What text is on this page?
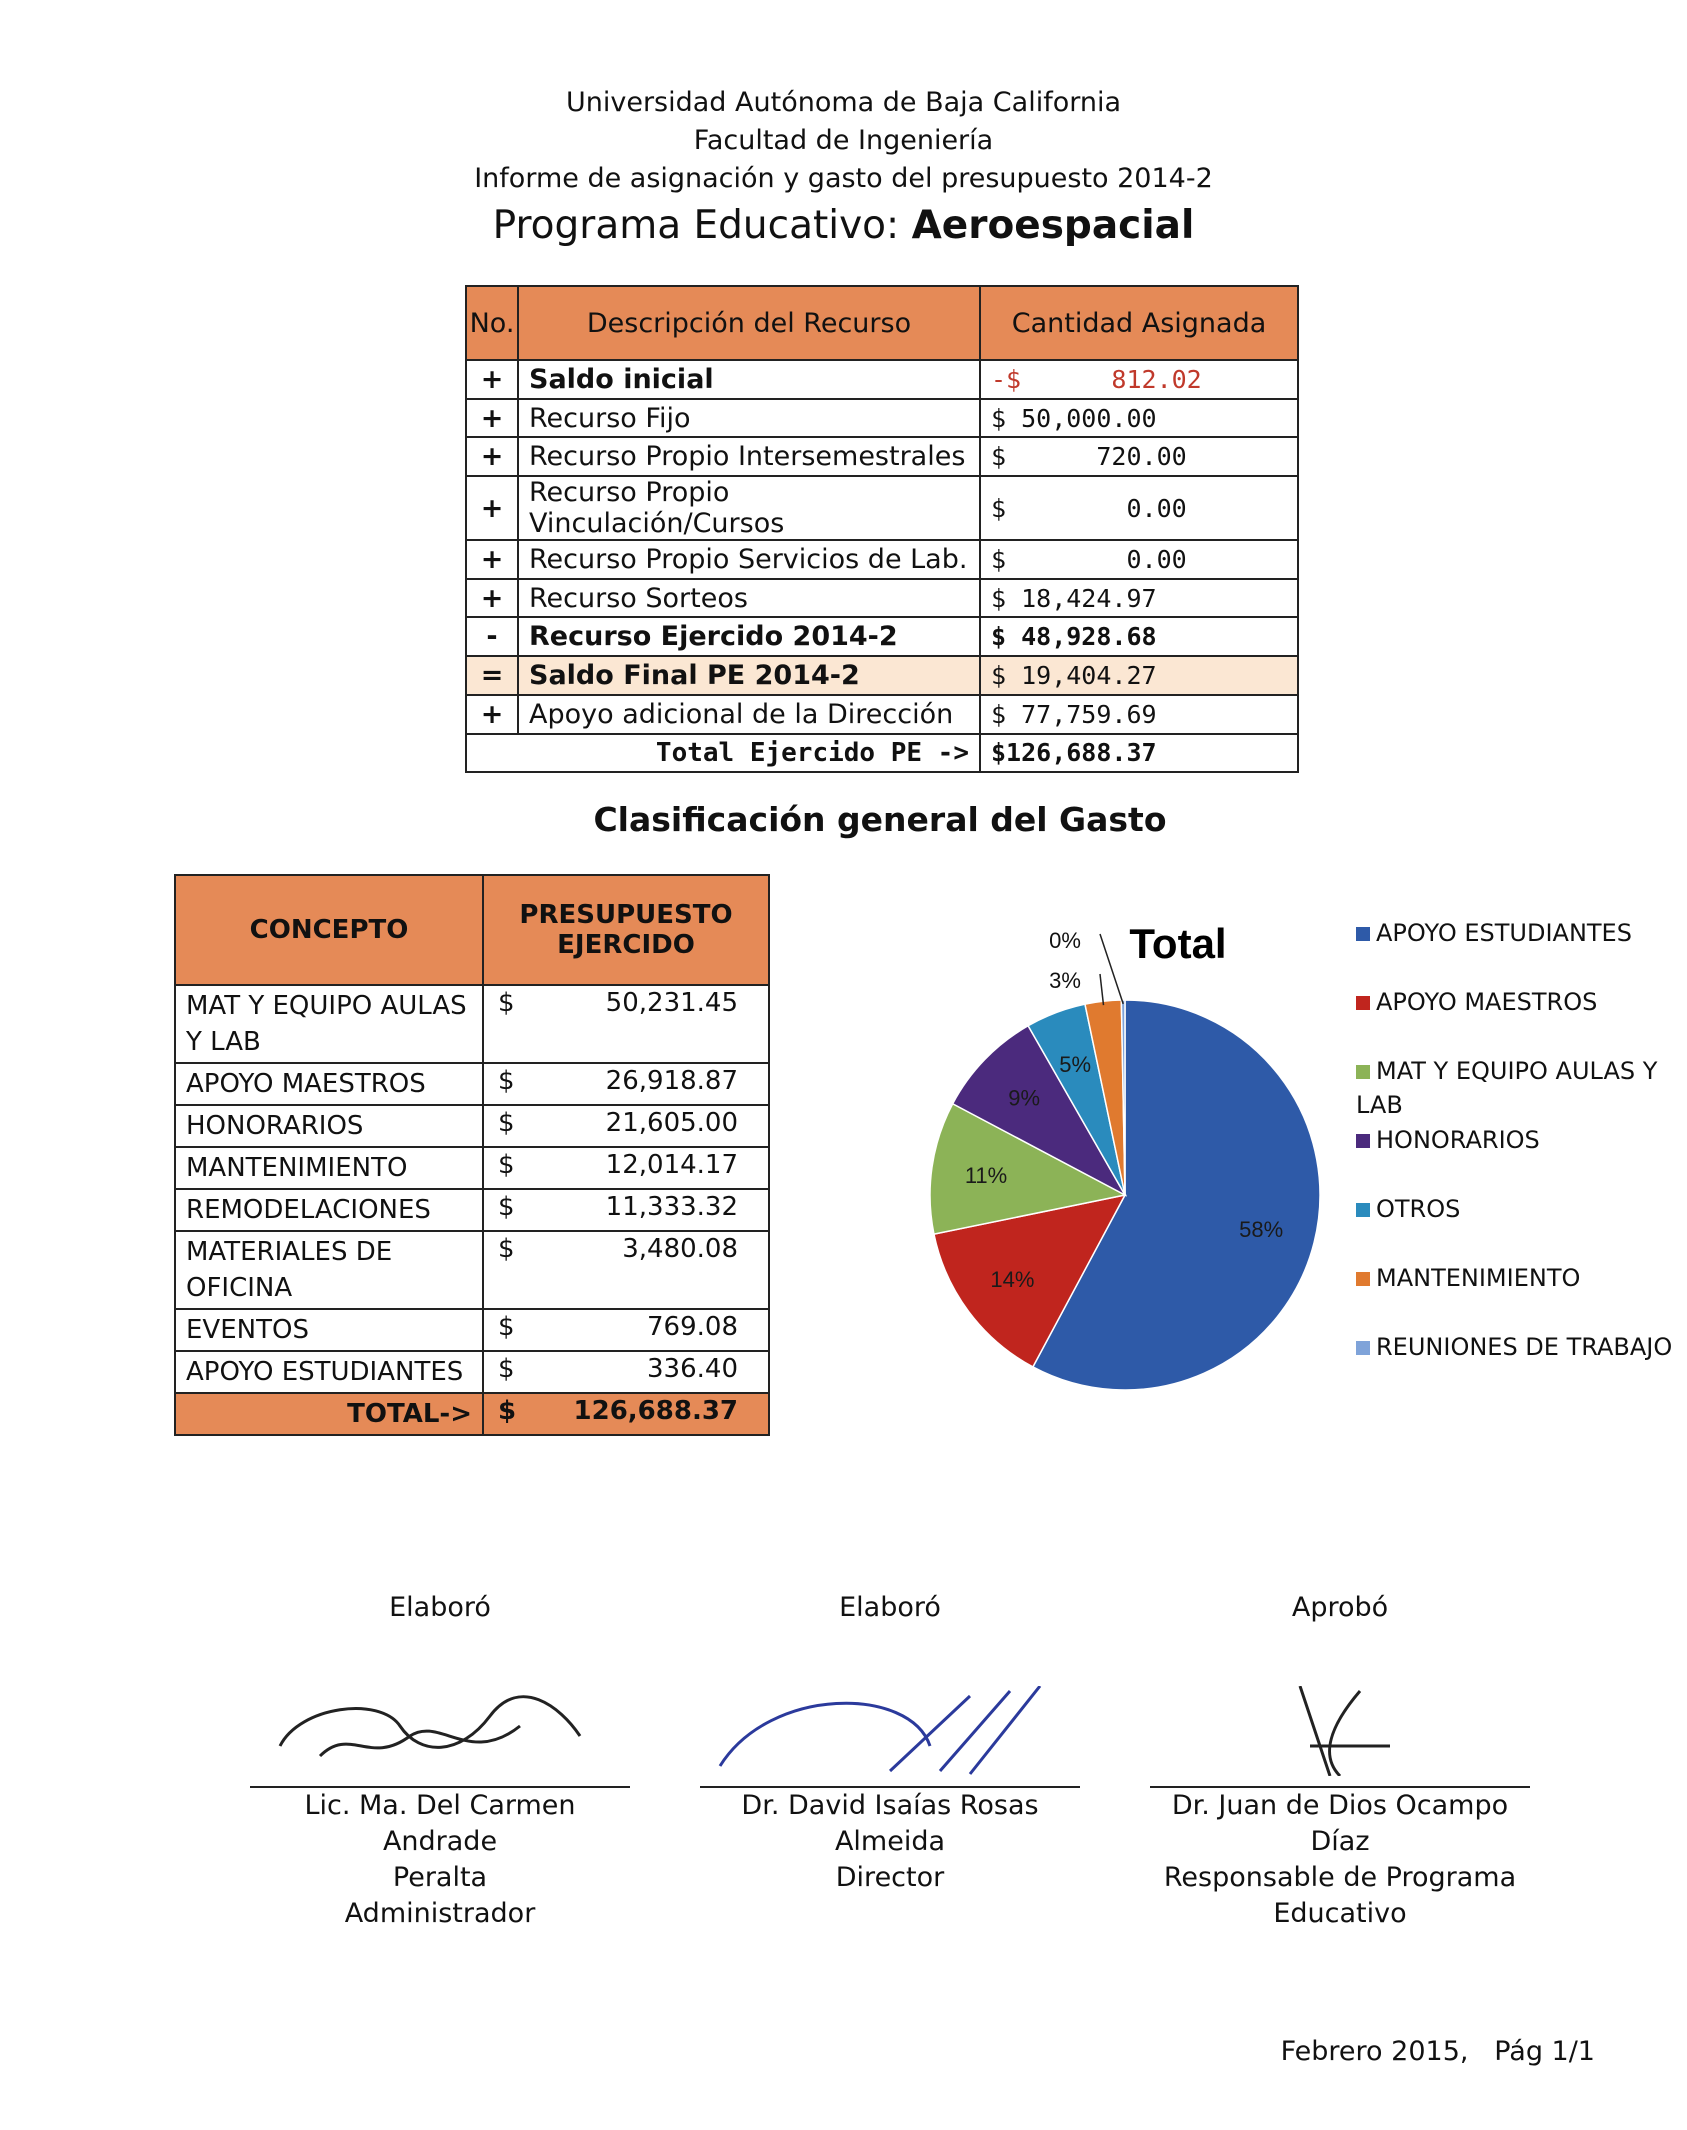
Universidad Autónoma de Baja California
Facultad de Ingeniería
Informe de asignación y gasto del presupuesto 2014-2
Programa Educativo: Aeroespacial
No.	Descripción del Recurso	Cantidad Asignada
+	Saldo inicial	-$      812.02
+	Recurso Fijo	$ 50,000.00
+	Recurso Propio Intersemestrales	$      720.00
+	Recurso Propio Vinculación/Cursos	$        0.00
+	Recurso Propio Servicios de Lab.	$        0.00
+	Recurso Sorteos	$ 18,424.97
-	Recurso Ejercido 2014-2	$ 48,928.68
=	Saldo Final PE 2014-2	$ 19,404.27
+	Apoyo adicional de la Dirección	$ 77,759.69
Total Ejercido PE ->		$126,688.37
Clasificación general del Gasto
CONCEPTO	PRESUPUESTO EJERCIDO
MAT Y EQUIPO AULAS Y LAB	$ 50,231.45
APOYO MAESTROS	$ 26,918.87
HONORARIOS	$ 21,605.00
MANTENIMIENTO	$ 12,014.17
REMODELACIONES	$ 11,333.32
MATERIALES DE OFICINA	$ 3,480.08
EVENTOS	$ 769.08
APOYO ESTUDIANTES	$ 336.40
TOTAL->	$ 126,688.37
Total
58%
14%
11%
9%
5%
3%
0%	APOYO ESTUDIANTES
APOYO MAESTROS
MAT Y EQUIPO AULAS Y LAB
HONORARIOS
OTROS
MANTENIMIENTO
REUNIONES DE TRABAJO
Elaboró
Lic. Ma. Del Carmen Andrade
Peralta
Administrador
Elaboró
Dr. David Isaías Rosas Almeida
Director
Aprobó
Dr. Juan de Dios Ocampo Díaz
Responsable de Programa
Educativo
Febrero 2015,   Pág 1/1
